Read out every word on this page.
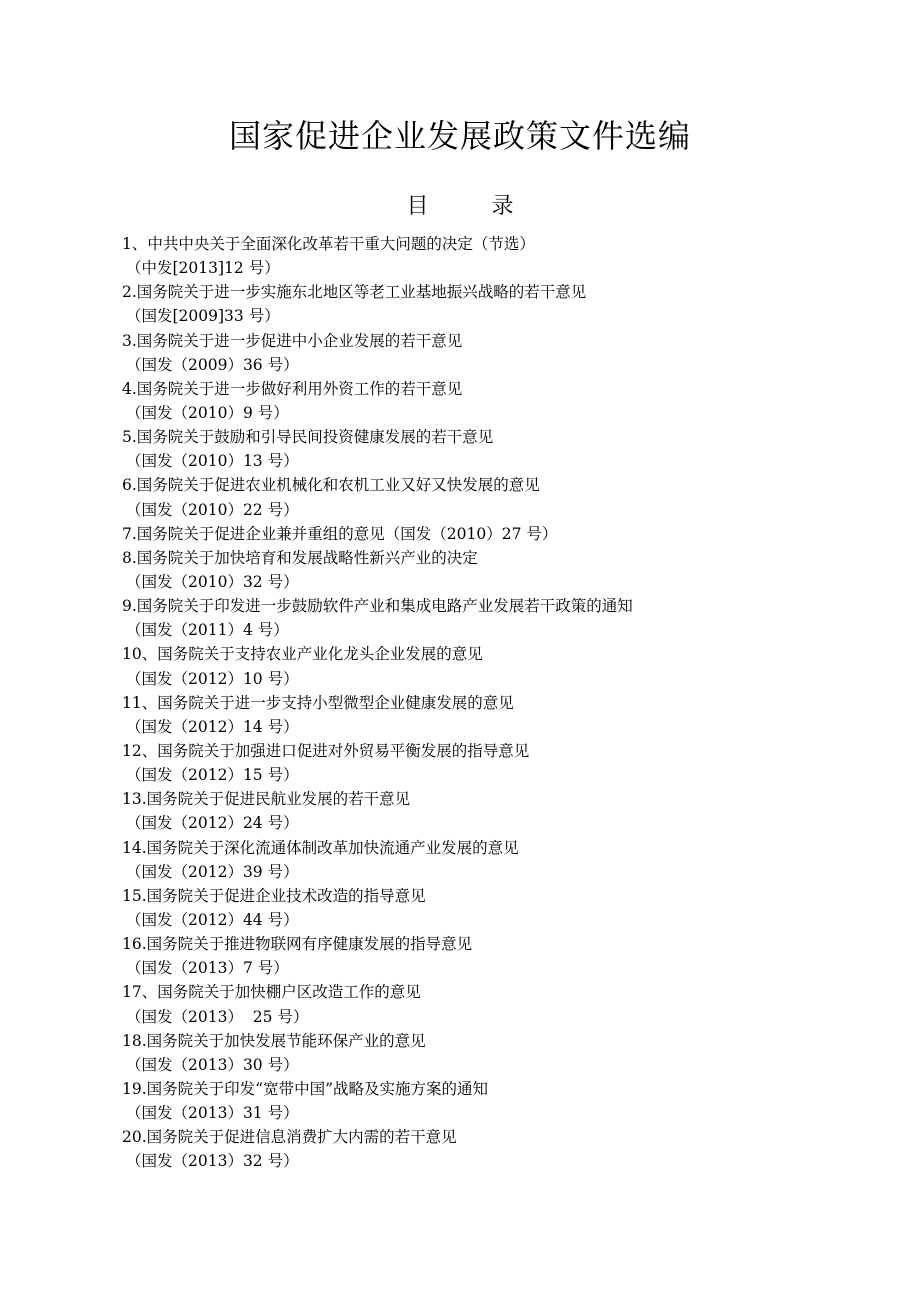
国家促进企业发展政策文件选编
目 录
1、中共中央关于全面深化改革若干重大问题的决定（节选）
（中发[2013]12 号）
2.国务院关于进一步实施东北地区等老工业基地振兴战略的若干意见
（国发[2009]33 号）
3.国务院关于进一步促进中小企业发展的若干意见
（国发（2009）36 号）
4.国务院关于进一步做好利用外资工作的若干意见
（国发（2010）9 号）
5.国务院关于鼓励和引导民间投资健康发展的若干意见
（国发（2010）13 号）
6.国务院关于促进农业机械化和农机工业又好又快发展的意见
（国发（2010）22 号）
7.国务院关于促进企业兼并重组的意见（国发（2010）27 号）
8.国务院关于加快培育和发展战略性新兴产业的决定
（国发（2010）32 号）
9.国务院关于印发进一步鼓励软件产业和集成电路产业发展若干政策的通知
（国发（2011）4 号）
10、国务院关于支持农业产业化龙头企业发展的意见
（国发（2012）10 号）
11、国务院关于进一步支持小型微型企业健康发展的意见
（国发（2012）14 号）
12、国务院关于加强进口促进对外贸易平衡发展的指导意见
（国发（2012）15 号）
13.国务院关于促进民航业发展的若干意见
（国发（2012）24 号）
14.国务院关于深化流通体制改革加快流通产业发展的意见
（国发（2012）39 号）
15.国务院关于促进企业技术改造的指导意见
（国发（2012）44 号）
16.国务院关于推进物联网有序健康发展的指导意见
（国发（2013）7 号）
17、国务院关于加快棚户区改造工作的意见
（国发（2013）  25 号）
18.国务院关于加快发展节能环保产业的意见
（国发（2013）30 号）
19.国务院关于印发“宽带中国”战略及实施方案的通知
（国发（2013）31 号）
20.国务院关于促进信息消费扩大内需的若干意见
（国发（2013）32 号）
